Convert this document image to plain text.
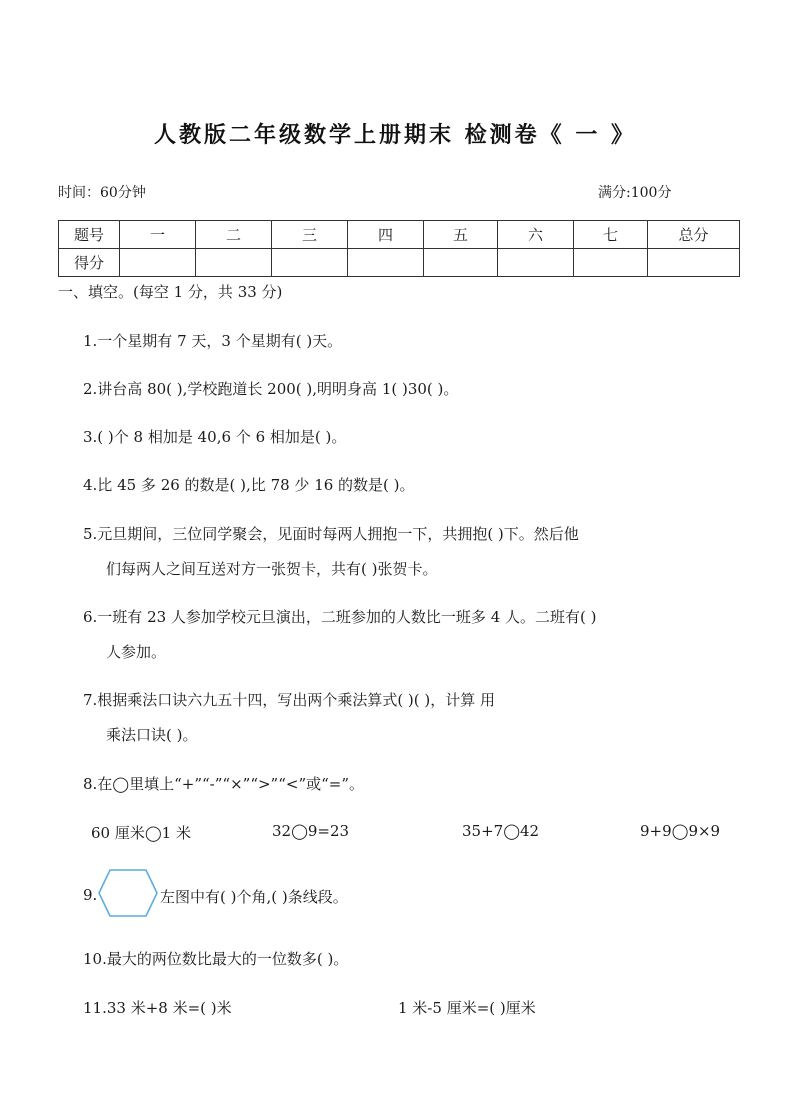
人教版二年级数学上册期末 检测卷《 一 》
时间：60分钟	满分:100分
题号	一	二	三	四	五	六	七	总分
得分								
一、填空。(每空 1 分，共 33 分)
1.一个星期有 7 天，3 个星期有( )天。
2.讲台高 80( ),学校跑道长 200( ),明明身高 1( )30( )。
3.( )个 8 相加是 40,6 个 6 相加是( )。
4.比 45 多 26 的数是( ),比 78 少 16 的数是( )。
5.元旦期间，三位同学聚会，见面时每两人拥抱一下，共拥抱( )下。然后他
们每两人之间互送对方一张贺卡，共有( )张贺卡。
6.一班有 23 人参加学校元旦演出，二班参加的人数比一班多 4 人。二班有( )
人参加。
7.根据乘法口诀六九五十四，写出两个乘法算式( )( )，计算 用
乘法口诀( )。
8.在◯里填上“+”“-”“×”“>”“<”或“=”。
60 厘米◯1 米	32◯9=23	35+7◯42	9+9◯9×9
9.	左图中有( )个角,( )条线段。
10.最大的两位数比最大的一位数多( )。
11.33 米+8 米=( )米	1 米-5 厘米=( )厘米
